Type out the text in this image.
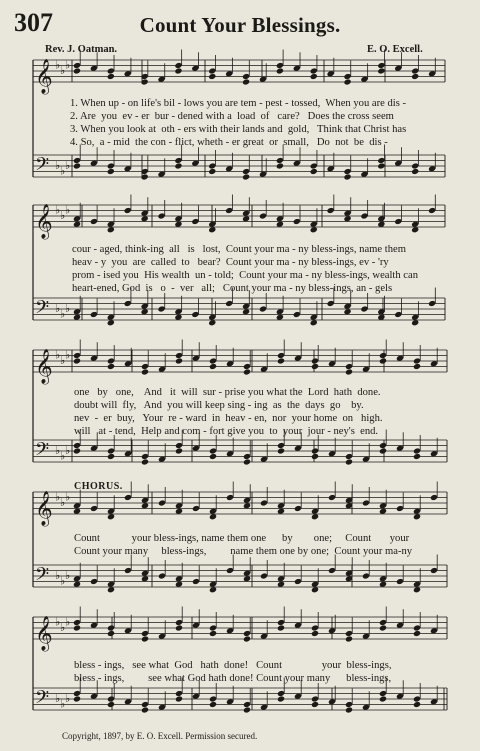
307	Count Your Blessings.
Rev. J. Oatman.	E. O. Excell.
𝄞
𝄢
♭
♭
♭
♭
♭
♭
𝄞
𝄢
♭
♭
♭
♭
♭
♭
𝄞
𝄢
♭
♭
♭
♭
♭
♭
𝄞
𝄢
♭
♭
♭
♭
♭
♭
𝄞
𝄢
♭
♭
♭
♭
♭
♭
1. When up - on life's bil - lows you are tem - pest - tossed,  When you are dis -
2. Are  you  ev - er  bur - dened with a  load  of   care?   Does the cross seem
3. When you look at  oth - ers with their lands and  gold,   Think that Christ has
4. So,  a - mid  the con - flict, wheth - er great  or  small,   Do  not  be  dis -
cour - aged, think-ing  all   is   lost,  Count your ma - ny bless-ings, name them
heav - y  you  are  called  to   bear?  Count your ma - ny bless-ings, ev - 'ry
prom - ised you  His wealth  un - told;  Count your ma - ny bless-ings, wealth can
heart-ened, God  is   o  -  ver   all;   Count your ma - ny bless-ings, an - gels
one   by   one,    And   it  will  sur - prise you what the  Lord  hath  done.
doubt will  fly,   And  you will keep sing - ing  as  the  days  go    by.
nev  -  er  buy,   Your  re - ward  in  heav - en,  nor  your home  on   high.
will   at - tend,  Help and com - fort give you  to  your  jour - ney's  end.
CHORUS.
Count            your bless-ings, name them one      by        one;     Count       your
Count your many     bless-ings,         name them one by one;  Count your ma-ny
bless - ings,   see what  God   hath  done!   Count               your  bless-ings,
bless - ings,         see what God hath done! Count your many      bless-ings,
Copyright, 1897, by E. O. Excell. Permission secured.
